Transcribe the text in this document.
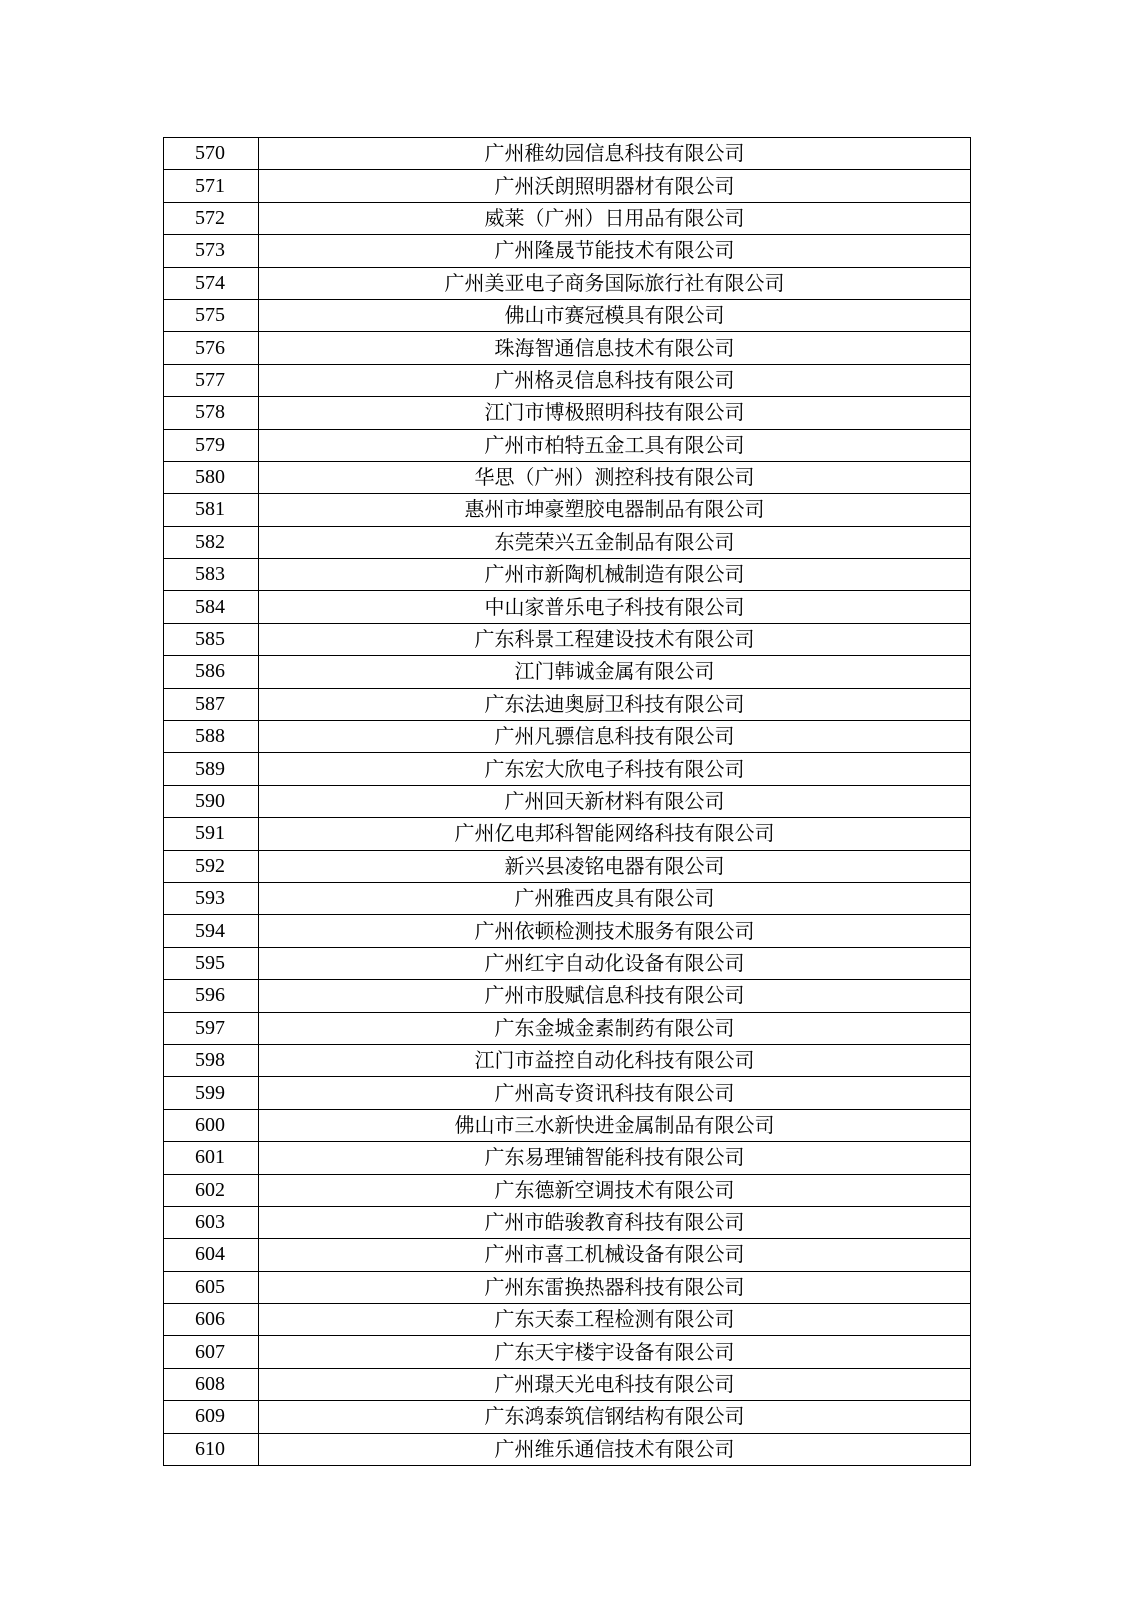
570	广州稚幼园信息科技有限公司
571	广州沃朗照明器材有限公司
572	威莱（广州）日用品有限公司
573	广州隆晟节能技术有限公司
574	广州美亚电子商务国际旅行社有限公司
575	佛山市赛冠模具有限公司
576	珠海智通信息技术有限公司
577	广州格灵信息科技有限公司
578	江门市博极照明科技有限公司
579	广州市柏特五金工具有限公司
580	华思（广州）测控科技有限公司
581	惠州市坤豪塑胶电器制品有限公司
582	东莞荣兴五金制品有限公司
583	广州市新陶机械制造有限公司
584	中山家普乐电子科技有限公司
585	广东科景工程建设技术有限公司
586	江门韩诚金属有限公司
587	广东法迪奥厨卫科技有限公司
588	广州凡骠信息科技有限公司
589	广东宏大欣电子科技有限公司
590	广州回天新材料有限公司
591	广州亿电邦科智能网络科技有限公司
592	新兴县凌铭电器有限公司
593	广州雅西皮具有限公司
594	广州依顿检测技术服务有限公司
595	广州红宇自动化设备有限公司
596	广州市股赋信息科技有限公司
597	广东金城金素制药有限公司
598	江门市益控自动化科技有限公司
599	广州高专资讯科技有限公司
600	佛山市三水新快进金属制品有限公司
601	广东易理铺智能科技有限公司
602	广东德新空调技术有限公司
603	广州市皓骏教育科技有限公司
604	广州市喜工机械设备有限公司
605	广州东雷换热器科技有限公司
606	广东天泰工程检测有限公司
607	广东天宇楼宇设备有限公司
608	广州璟天光电科技有限公司
609	广东鸿泰筑信钢结构有限公司
610	广州维乐通信技术有限公司
